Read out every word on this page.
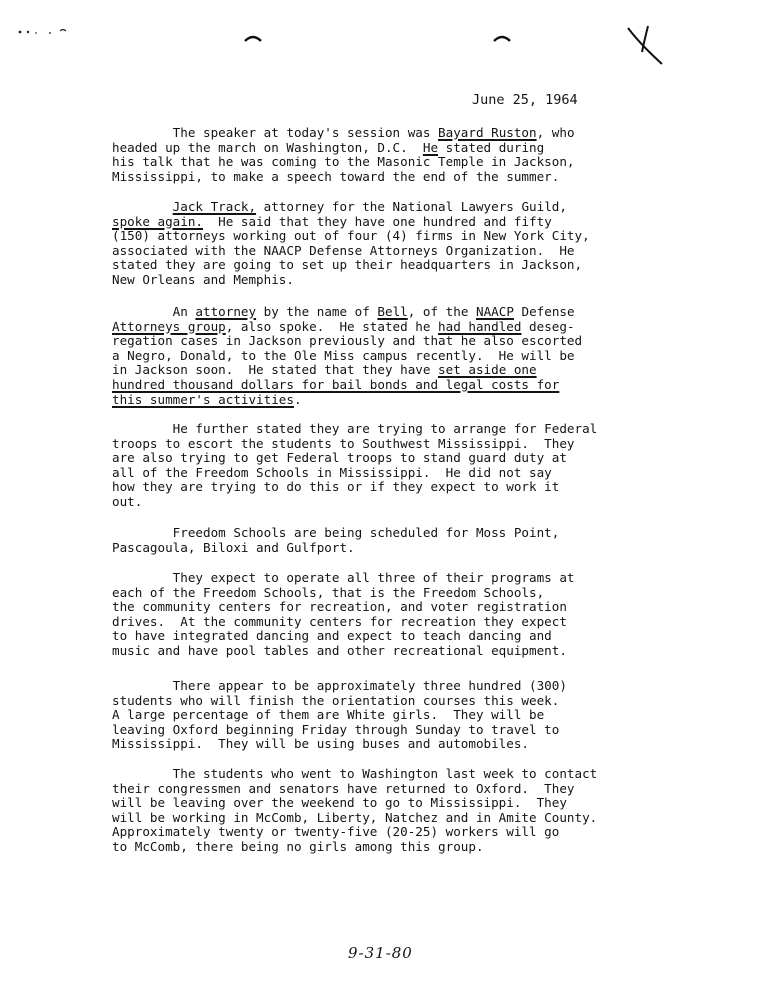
June 25, 1964
The speaker at today's session was Bayard Ruston, who
headed up the march on Washington, D.C.  He stated during
his talk that he was coming to the Masonic Temple in Jackson,
Mississippi, to make a speech toward the end of the summer.
Jack Track, attorney for the National Lawyers Guild,
spoke again.  He said that they have one hundred and fifty
(150) attorneys working out of four (4) firms in New York City,
associated with the NAACP Defense Attorneys Organization.  He
stated they are going to set up their headquarters in Jackson,
New Orleans and Memphis.
An attorney by the name of Bell, of the NAACP Defense
Attorneys group, also spoke.  He stated he had handled deseg-
regation cases in Jackson previously and that he also escorted
a Negro, Donald, to the Ole Miss campus recently.  He will be
in Jackson soon.  He stated that they have set aside one
hundred thousand dollars for bail bonds and legal costs for
this summer's activities.
He further stated they are trying to arrange for Federal
troops to escort the students to Southwest Mississippi.  They
are also trying to get Federal troops to stand guard duty at
all of the Freedom Schools in Mississippi.  He did not say
how they are trying to do this or if they expect to work it
out.
Freedom Schools are being scheduled for Moss Point,
Pascagoula, Biloxi and Gulfport.
They expect to operate all three of their programs at
each of the Freedom Schools, that is the Freedom Schools,
the community centers for recreation, and voter registration
drives.  At the community centers for recreation they expect
to have integrated dancing and expect to teach dancing and
music and have pool tables and other recreational equipment.
There appear to be approximately three hundred (300)
students who will finish the orientation courses this week.
A large percentage of them are White girls.  They will be
leaving Oxford beginning Friday through Sunday to travel to
Mississippi.  They will be using buses and automobiles.
The students who went to Washington last week to contact
their congressmen and senators have returned to Oxford.  They
will be leaving over the weekend to go to Mississippi.  They
will be working in McComb, Liberty, Natchez and in Amite County.
Approximately twenty or twenty-five (20-25) workers will go
to McComb, there being no girls among this group.
9-31-80
